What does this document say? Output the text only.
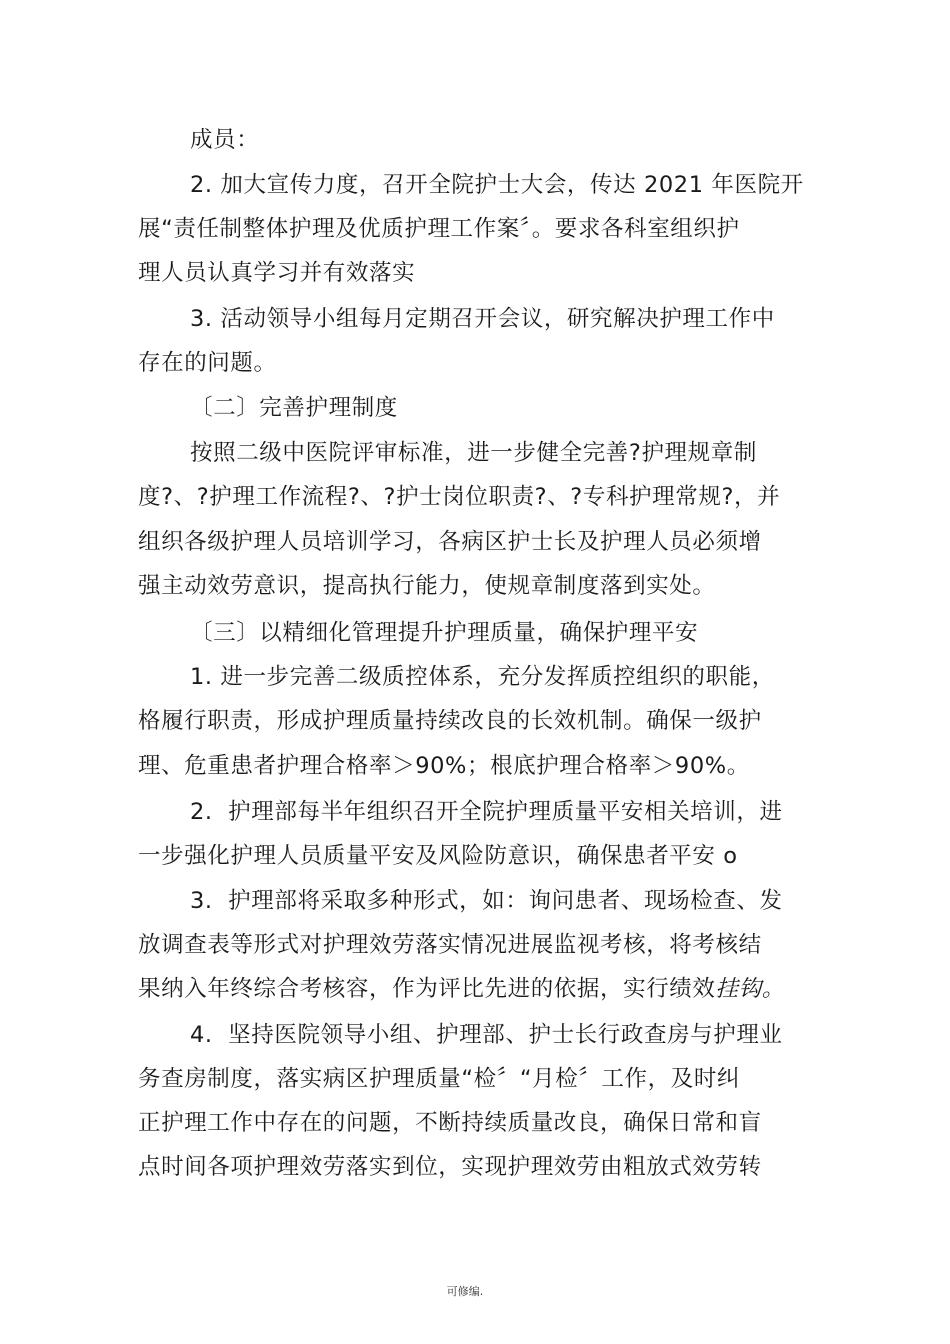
成员：
2. 加大宣传力度，召开全院护士大会，传达 2021 年医院开
展“责任制整体护理及优质护理工作案〞。要求各科室组织护
理人员认真学习并有效落实
3. 活动领导小组每月定期召开会议，研究解决护理工作中
存在的问题。
〔二〕完善护理制度
按照二级中医院评审标准，进一步健全完善?护理规章制
度?、?护理工作流程?、?护士岗位职责?、?专科护理常规?，并
组织各级护理人员培训学习，各病区护士长及护理人员必须增
强主动效劳意识，提高执行能力，使规章制度落到实处。
〔三〕以精细化管理提升护理质量，确保护理平安
1. 进一步完善二级质控体系，充分发挥质控组织的职能，
格履行职责，形成护理质量持续改良的长效机制。确保一级护
理、危重患者护理合格率＞90%；根底护理合格率＞90%。
2.  护理部每半年组织召开全院护理质量平安相关培训，进
一步强化护理人员质量平安及风险防意识，确保患者平安 o
3.  护理部将采取多种形式，如：询问患者、现场检查、发
放调查表等形式对护理效劳落实情况进展监视考核，将考核结
果纳入年终综合考核容，作为评比先进的依据，实行绩效挂钩。
4.  坚持医院领导小组、护理部、护士长行政查房与护理业
务查房制度，落实病区护理质量“检〞“月检〞工作，及时纠
正护理工作中存在的问题，不断持续质量改良，确保日常和盲
点时间各项护理效劳落实到位，实现护理效劳由粗放式效劳转
可修编.
